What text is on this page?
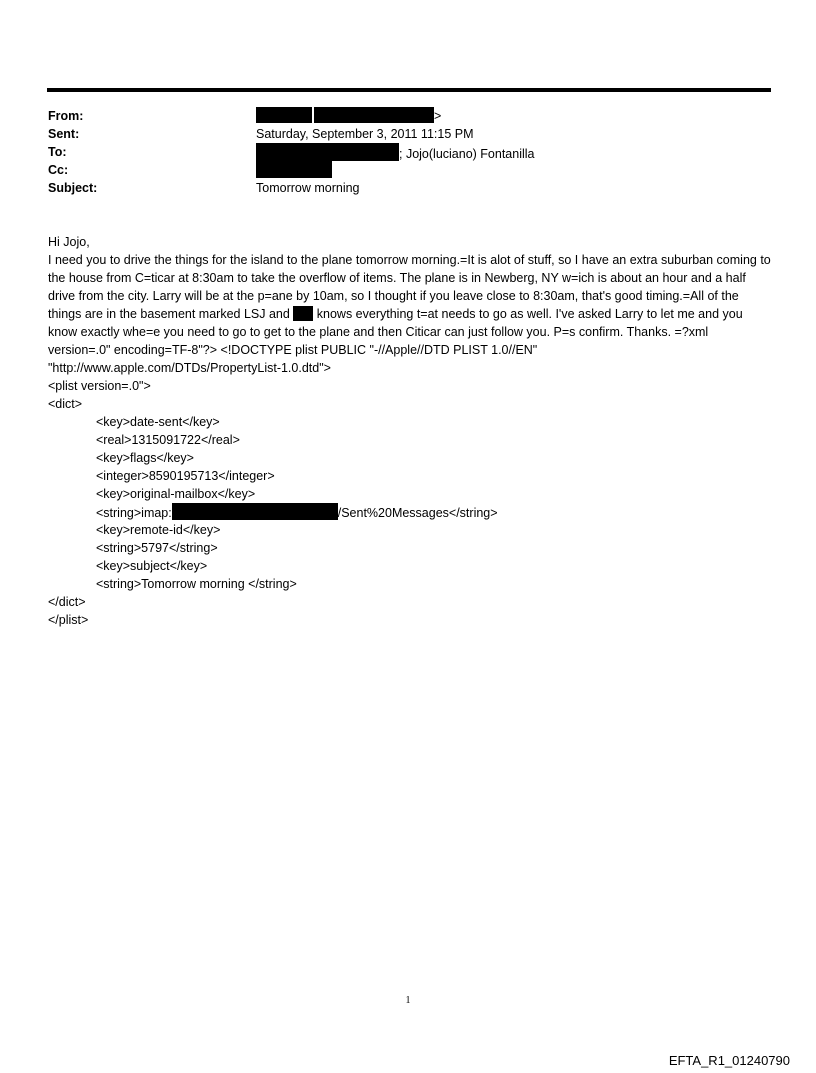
From:
Sent:
To:
Cc:
Subject:
>
Saturday, September 3, 2011 11:15 PM
; Jojo(luciano) Fontanilla
Tomorrow morning
Hi Jojo,
I need you to drive the things for the island to the plane tomorrow morning.=It is alot of stuff, so I have an extra suburban coming to the house from C=ticar at 8:30am to take the overflow of items. The plane is in Newberg, NY w=ich is about an hour and a half drive from the city. Larry will be at the p=ane by 10am, so I thought if you leave close to 8:30am, that's good timing.=All of the things are in the basement marked LSJ and knows everything t=at needs to go as well. I've asked Larry to let me and you know exactly whe=e you need to go to get to the plane and then Citicar can just follow you. P=s confirm. Thanks. =?xml version=.0" encoding=TF-8"?> <!DOCTYPE plist PUBLIC "-//Apple//DTD PLIST 1.0//EN" "http://www.apple.com/DTDs/PropertyList-1.0.dtd">
<plist version=.0">
<dict>
<key>date-sent</key>
<real>1315091722</real>
<key>flags</key>
<integer>8590195713</integer>
<key>original-mailbox</key>
<string>imap:	/Sent%20Messages</string>
<key>remote-id</key>
<string>5797</string>
<key>subject</key>
<string>Tomorrow morning </string>
</dict>
</plist>
1
EFTA_R1_01240790
